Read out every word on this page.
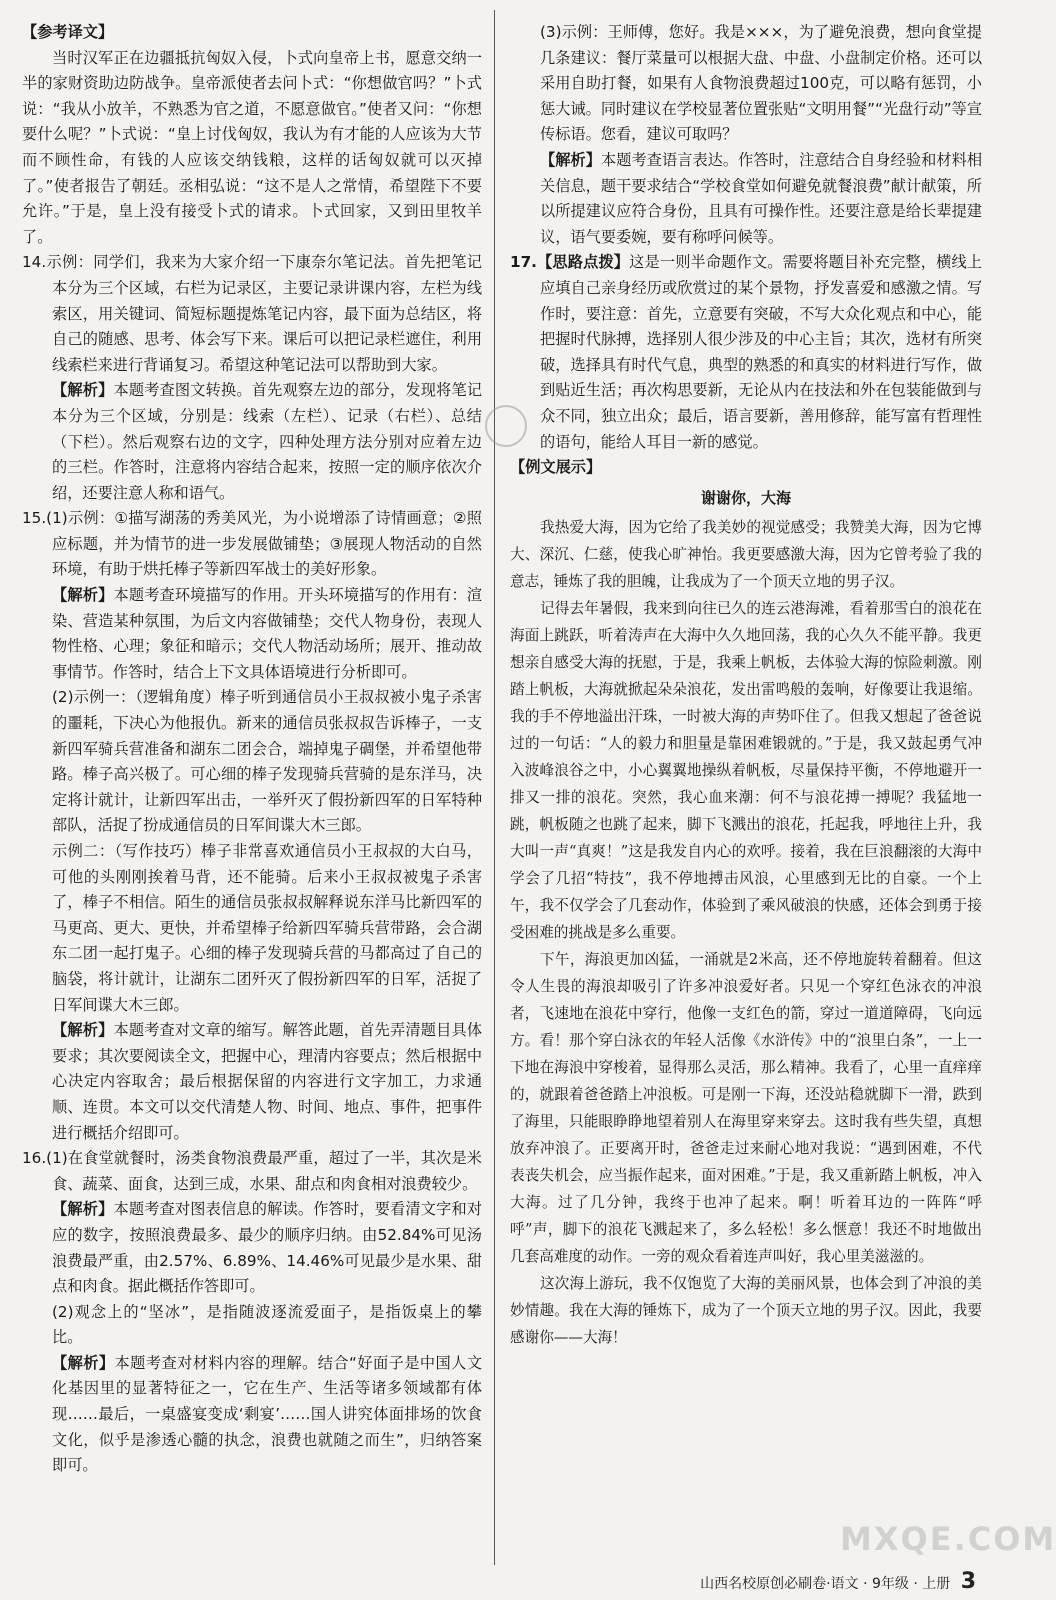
【参考译文】

当时汉军正在边疆抵抗匈奴入侵，卜式向皇帝上书，愿意交纳一半的家财资助边防战争。皇帝派使者去问卜式：“你想做官吗？”卜式说：“我从小放羊，不熟悉为官之道，不愿意做官。”使者又问：“你想要什么呢？”卜式说：“皇上讨伐匈奴，我认为有才能的人应该为大节而不顾性命，有钱的人应该交纳钱粮，这样的话匈奴就可以灭掉了。”使者报告了朝廷。丞相弘说：“这不是人之常情，希望陛下不要允许。”于是，皇上没有接受卜式的请求。卜式回家，又到田里牧羊了。

14.示例：同学们，我来为大家介绍一下康奈尔笔记法。首先把笔记本分为三个区域，右栏为记录区，主要记录讲课内容，左栏为线索区，用关键词、简短标题提炼笔记内容，最下面为总结区，将自己的随感、思考、体会写下来。课后可以把记录栏遮住，利用线索栏来进行背诵复习。希望这种笔记法可以帮助到大家。

【解析】本题考查图文转换。首先观察左边的部分，发现将笔记本分为三个区域，分别是：线索（左栏）、记录（右栏）、总结（下栏）。然后观察右边的文字，四种处理方法分别对应着左边的三栏。作答时，注意将内容结合起来，按照一定的顺序依次介绍，还要注意人称和语气。

15.(1)示例：①描写湖荡的秀美风光，为小说增添了诗情画意；②照应标题，并为情节的进一步发展做铺垫；③展现人物活动的自然环境，有助于烘托棒子等新四军战士的美好形象。

【解析】本题考查环境描写的作用。开头环境描写的作用有：渲染、营造某种氛围，为后文内容做铺垫；交代人物身份，表现人物性格、心理；象征和暗示；交代人物活动场所；展开、推动故事情节。作答时，结合上下文具体语境进行分析即可。

(2)示例一：（逻辑角度）棒子听到通信员小王叔叔被小鬼子杀害的噩耗，下决心为他报仇。新来的通信员张叔叔告诉棒子，一支新四军骑兵营准备和湖东二团会合，端掉鬼子碉堡，并希望他带路。棒子高兴极了。可心细的棒子发现骑兵营骑的是东洋马，决定将计就计，让新四军出击，一举歼灭了假扮新四军的日军特种部队，活捉了扮成通信员的日军间谍大木三郎。

示例二：（写作技巧）棒子非常喜欢通信员小王叔叔的大白马，可他的头刚刚挨着马背，还不能骑。后来小王叔叔被鬼子杀害了，棒子不相信。陌生的通信员张叔叔解释说东洋马比新四军的马更高、更大、更快，并希望棒子给新四军骑兵营带路，会合湖东二团一起打鬼子。心细的棒子发现骑兵营的马都高过了自己的脑袋，将计就计，让湖东二团歼灭了假扮新四军的日军，活捉了日军间谍大木三郎。

【解析】本题考查对文章的缩写。解答此题，首先弄清题目具体要求；其次要阅读全文，把握中心，理清内容要点；然后根据中心决定内容取舍；最后根据保留的内容进行文字加工，力求通顺、连贯。本文可以交代清楚人物、时间、地点、事件，把事件进行概括介绍即可。

16.(1)在食堂就餐时，汤类食物浪费最严重，超过了一半，其次是米食、蔬菜、面食，达到三成，水果、甜点和肉食相对浪费较少。

【解析】本题考查对图表信息的解读。作答时，要看清文字和对应的数字，按照浪费最多、最少的顺序归纳。由52.84%可见汤浪费最严重，由2.57%、6.89%、14.46%可见最少是水果、甜点和肉食。据此概括作答即可。

(2)观念上的“坚冰”，是指随波逐流爱面子，是指饭桌上的攀比。

【解析】本题考查对材料内容的理解。结合“好面子是中国人文化基因里的显著特征之一，它在生产、生活等诸多领域都有体现……最后，一桌盛宴变成‘剩宴’……国人讲究体面排场的饮食文化，似乎是渗透心髓的执念，浪费也就随之而生”，归纳答案即可。

(3)示例：王师傅，您好。我是×××，为了避免浪费，想向食堂提几条建议：餐厅菜量可以根据大盘、中盘、小盘制定价格。还可以采用自助打餐，如果有人食物浪费超过100克，可以略有惩罚，小惩大诫。同时建议在学校显著位置张贴“文明用餐”“光盘行动”等宣传标语。您看，建议可取吗？

【解析】本题考查语言表达。作答时，注意结合自身经验和材料相关信息，题干要求结合“学校食堂如何避免就餐浪费”献计献策，所以所提建议应符合身份，且具有可操作性。还要注意是给长辈提建议，语气要委婉，要有称呼问候等。

17.【思路点拨】这是一则半命题作文。需要将题目补充完整，横线上应填自己亲身经历或欣赏过的某个景物，抒发喜爱和感激之情。写作时，要注意：首先，立意要有突破，不写大众化观点和中心，能把握时代脉搏，选择别人很少涉及的中心主旨；其次，选材有所突破，选择具有时代气息，典型的熟悉的和真实的材料进行写作，做到贴近生活；再次构思要新，无论从内在技法和外在包装能做到与众不同，独立出众；最后，语言要新，善用修辞，能写富有哲理性的语句，能给人耳目一新的感觉。

【例文展示】

谢谢你，大海

我热爱大海，因为它给了我美妙的视觉感受；我赞美大海，因为它博大、深沉、仁慈，使我心旷神怡。我更要感激大海，因为它曾考验了我的意志，锤炼了我的胆魄，让我成为了一个顶天立地的男子汉。

记得去年暑假，我来到向往已久的连云港海滩，看着那雪白的浪花在海面上跳跃，听着涛声在大海中久久地回荡，我的心久久不能平静。我更想亲自感受大海的抚慰，于是，我乘上帆板，去体验大海的惊险刺激。刚踏上帆板，大海就掀起朵朵浪花，发出雷鸣般的轰响，好像要让我退缩。我的手不停地溢出汗珠，一时被大海的声势吓住了。但我又想起了爸爸说过的一句话：“人的毅力和胆量是靠困难锻就的。”于是，我又鼓起勇气冲入波峰浪谷之中，小心翼翼地操纵着帆板，尽量保持平衡，不停地避开一排又一排的浪花。突然，我心血来潮：何不与浪花搏一搏呢？我猛地一跳，帆板随之也跳了起来，脚下飞溅出的浪花，托起我，呼地往上升，我大叫一声“真爽！”这是我发自内心的欢呼。接着，我在巨浪翻滚的大海中学会了几招“特技”，我不停地搏击风浪，心里感到无比的自豪。一个上午，我不仅学会了几套动作，体验到了乘风破浪的快感，还体会到勇于接受困难的挑战是多么重要。

下午，海浪更加凶猛，一涌就是2米高，还不停地旋转着翻着。但这令人生畏的海浪却吸引了许多冲浪爱好者。只见一个穿红色泳衣的冲浪者，飞速地在浪花中穿行，他像一支红色的箭，穿过一道道障碍，飞向远方。看！那个穿白泳衣的年轻人活像《水浒传》中的“浪里白条”，一上一下地在海浪中穿梭着，显得那么灵活，那么精神。我看了，心里一直痒痒的，就跟着爸爸踏上冲浪板。可是刚一下海，还没站稳就脚下一滑，跌到了海里，只能眼睁睁地望着别人在海里穿来穿去。这时我有些失望，真想放弃冲浪了。正要离开时，爸爸走过来耐心地对我说：“遇到困难，不代表丧失机会，应当振作起来，面对困难。”于是，我又重新踏上帆板，冲入大海。过了几分钟，我终于也冲了起来。啊！听着耳边的一阵阵“呼呼”声，脚下的浪花飞溅起来了，多么轻松！多么惬意！我还不时地做出几套高难度的动作。一旁的观众看着连声叫好，我心里美滋滋的。

这次海上游玩，我不仅饱览了大海的美丽风景，也体会到了冲浪的美妙情趣。我在大海的锤炼下，成为了一个顶天立地的男子汉。因此，我要感谢你——大海！

MXQE.COM
山西名校原创必刷卷·语文 · 9年级 · 上册 3
